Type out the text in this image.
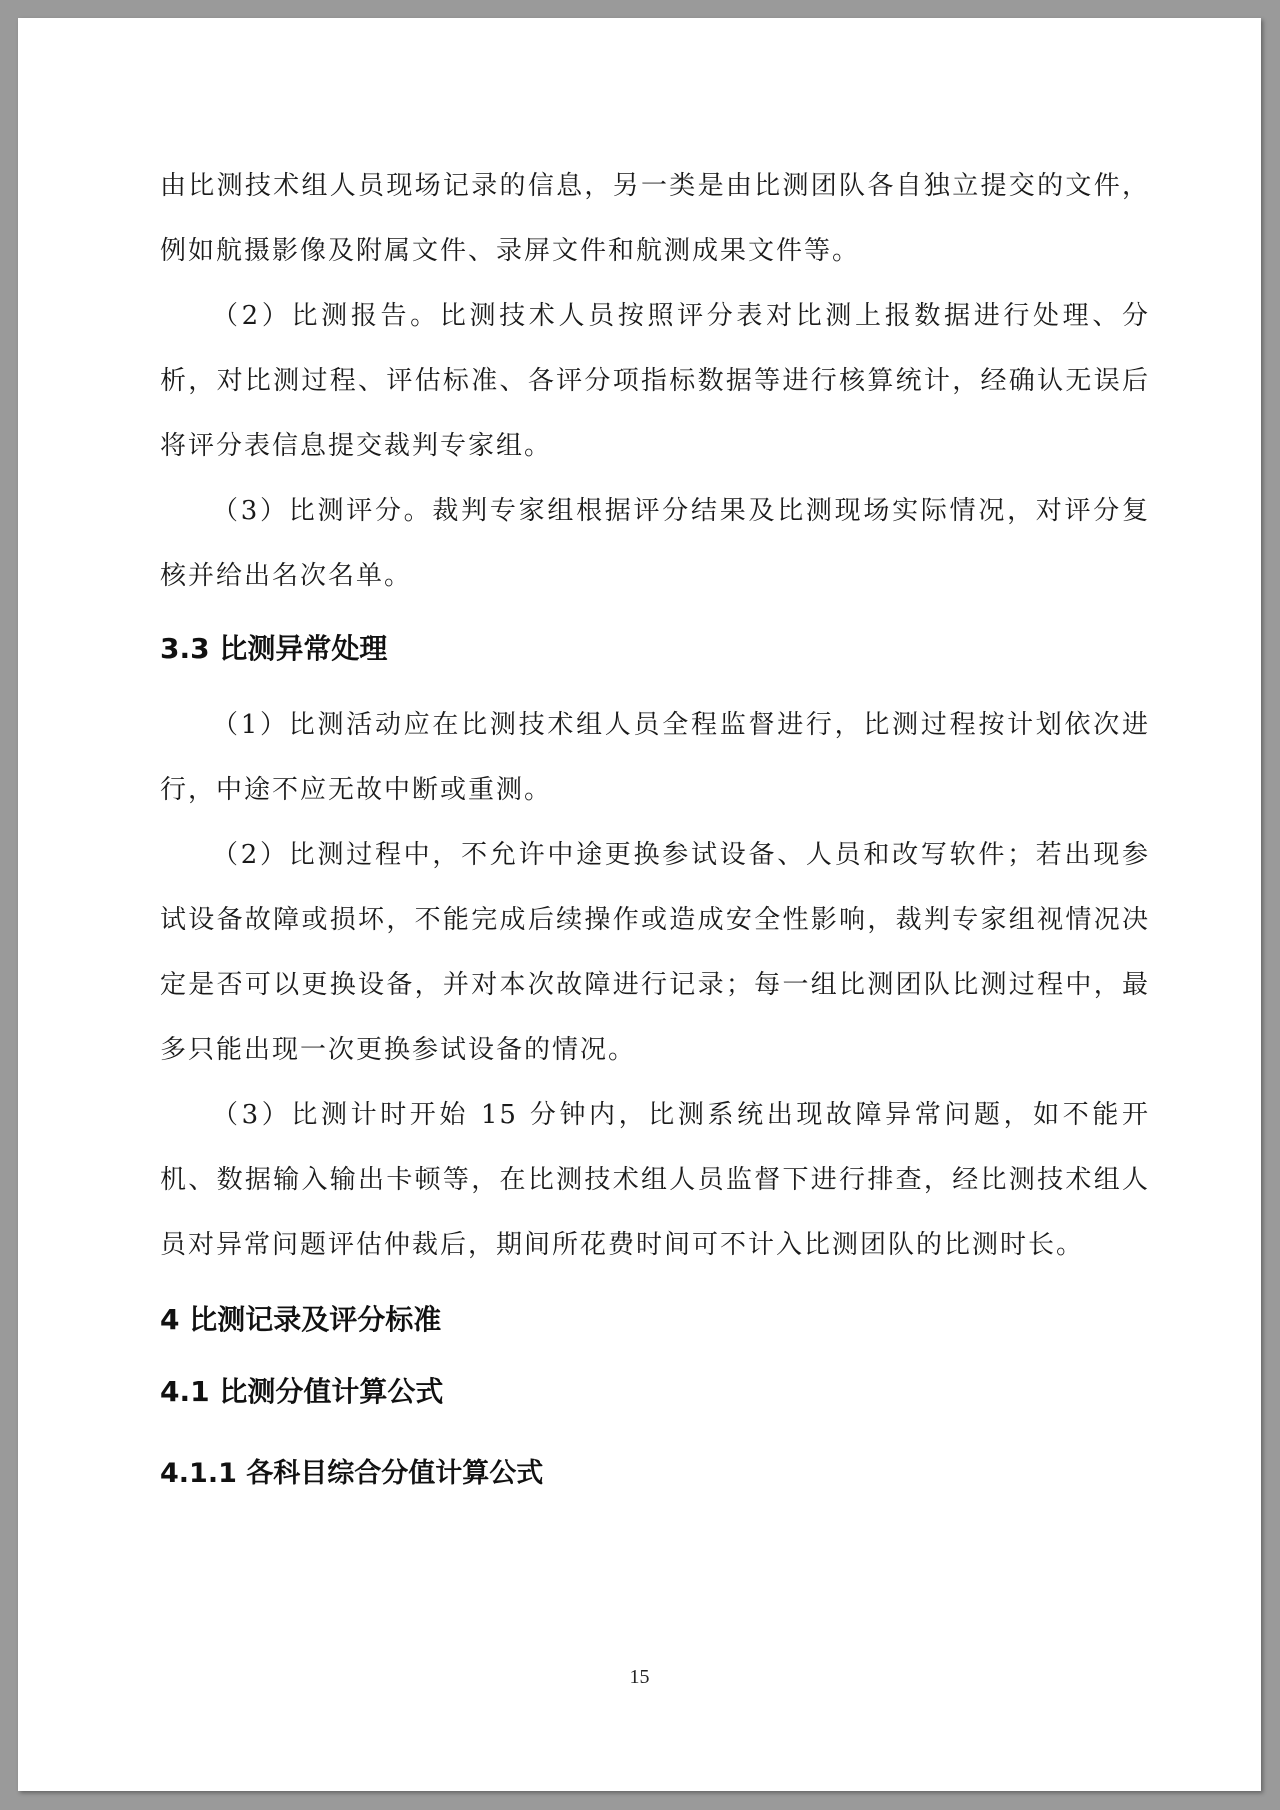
由比测技术组人员现场记录的信息，另一类是由比测团队各自独立提交的文件，例如航摄影像及附属文件、录屏文件和航测成果文件等。

（2）比测报告。比测技术人员按照评分表对比测上报数据进行处理、分析，对比测过程、评估标准、各评分项指标数据等进行核算统计，经确认无误后将评分表信息提交裁判专家组。

（3）比测评分。裁判专家组根据评分结果及比测现场实际情况，对评分复核并给出名次名单。

3.3 比测异常处理

（1）比测活动应在比测技术组人员全程监督进行，比测过程按计划依次进行，中途不应无故中断或重测。

（2）比测过程中，不允许中途更换参试设备、人员和改写软件；若出现参试设备故障或损坏，不能完成后续操作或造成安全性影响，裁判专家组视情况决定是否可以更换设备，并对本次故障进行记录；每一组比测团队比测过程中，最多只能出现一次更换参试设备的情况。

（3）比测计时开始 15 分钟内，比测系统出现故障异常问题，如不能开机、数据输入输出卡顿等，在比测技术组人员监督下进行排查，经比测技术组人员对异常问题评估仲裁后，期间所花费时间可不计入比测团队的比测时长。

4 比测记录及评分标准
4.1 比测分值计算公式
4.1.1 各科目综合分值计算公式
15
